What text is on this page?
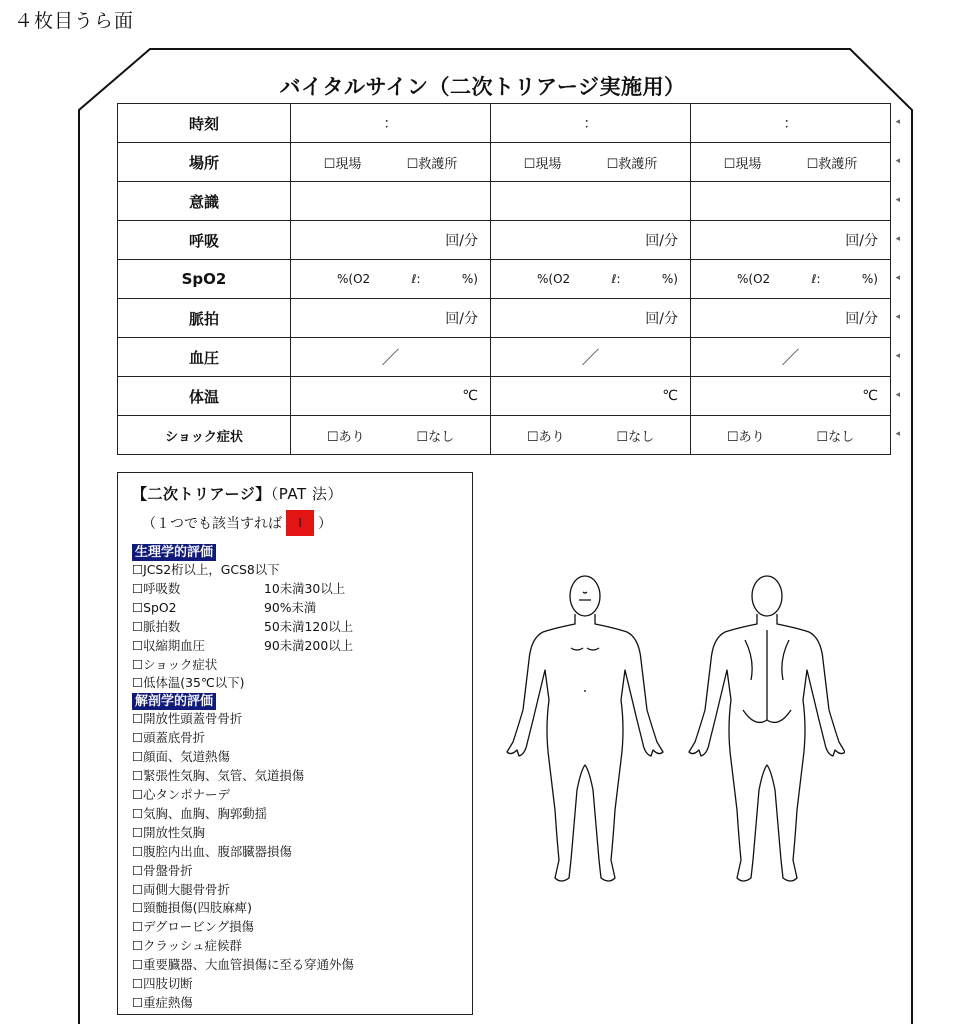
４枚目うら面
バイタルサイン（二次トリアージ実施用）
時刻	：	：	： ◂

場所	☐現場 ☐救護所	☐現場 ☐救護所	☐現場 ☐救護所 ◂

意識			◂

呼吸	回/分	回/分	回/分 ◂

SpO2	%(O2 ℓ: %)	%(O2 ℓ: %)	%(O2 ℓ: %) ◂

脈拍	回/分	回/分	回/分 ◂

血圧	／	／	／ ◂

体温	℃	℃	℃ ◂

ショック症状	☐あり ☐なし	☐あり ☐なし	☐あり ☐なし ◂
【二次トリアージ】（PAT 法）
（１つでも該当すれば	Ⅰ	）
生理学的評価
☐JCS2桁以上，GCS8以下
☐呼吸数	10未満30以上
☐SpO2	90%未満
☐脈拍数	50未満120以上
☐収縮期血圧	90未満200以上
☐ショック症状
☐低体温(35℃以下)
解剖学的評価
☐開放性頭蓋骨骨折
☐頭蓋底骨折
☐顔面、気道熱傷
☐緊張性気胸、気管、気道損傷
☐心タンポナーデ
☐気胸、血胸、胸郭動揺
☐開放性気胸
☐腹腔内出血、腹部臓器損傷
☐骨盤骨折
☐両側大腿骨骨折
☐頸髄損傷(四肢麻痺)
☐デグロービング損傷
☐クラッシュ症候群
☐重要臓器、大血管損傷に至る穿通外傷
☐四肢切断
☐重症熱傷
